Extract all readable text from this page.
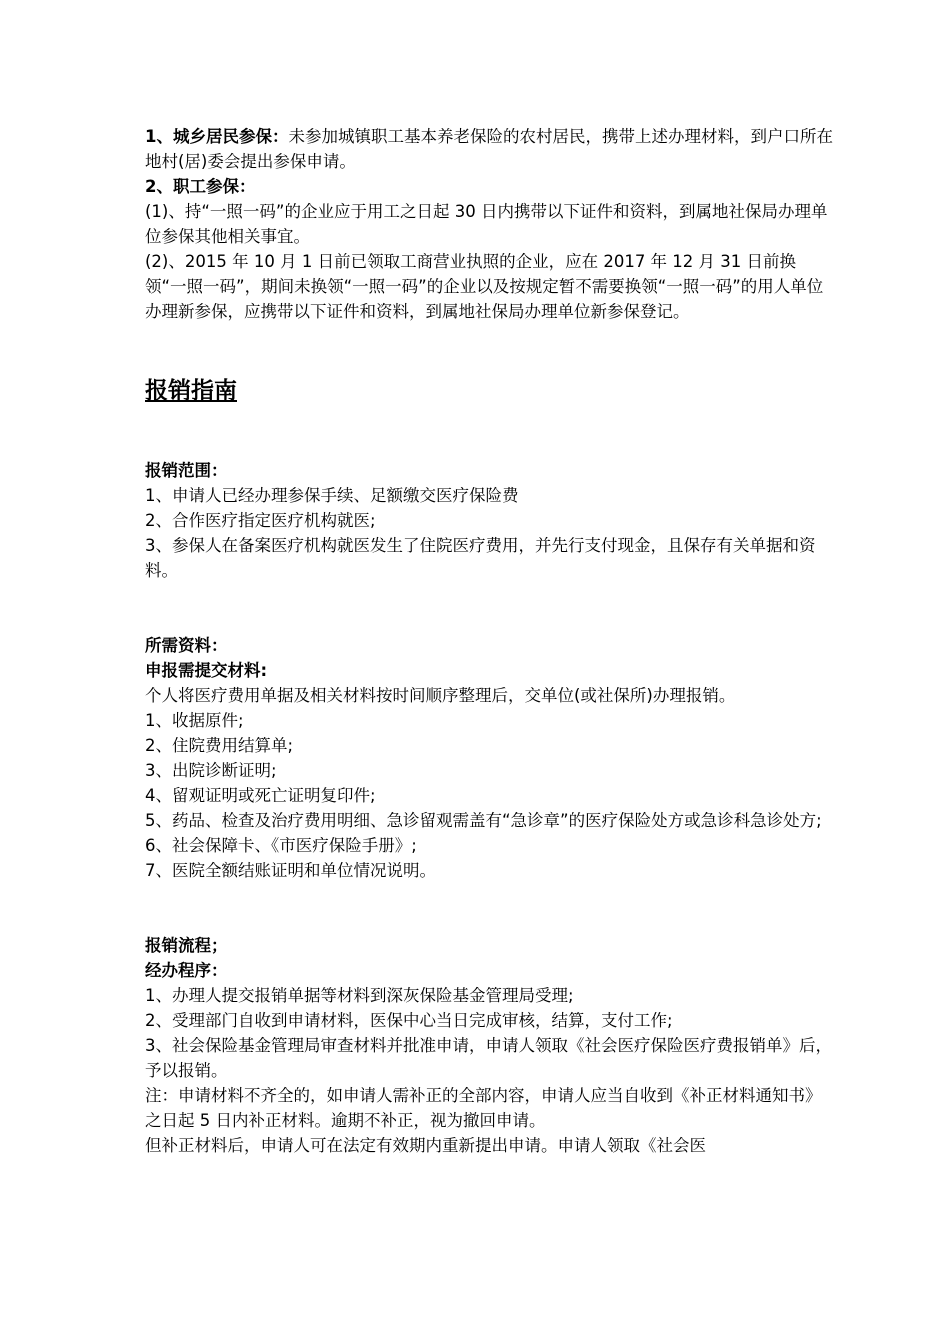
1、城乡居民参保：未参加城镇职工基本养老保险的农村居民，携带上述办理材料，到户口所在地村(居)委会提出参保申请。

2、职工参保：

(1)、持“一照一码”的企业应于用工之日起 30 日内携带以下证件和资料，到属地社保局办理单位参保其他相关事宜。

(2)、2015 年 10 月 1 日前已领取工商营业执照的企业，应在 2017 年 12 月 31 日前换领“一照一码”，期间未换领“一照一码”的企业以及按规定暂不需要换领“一照一码”的用人单位办理新参保，应携带以下证件和资料，到属地社保局办理单位新参保登记。

报销指南

报销范围：

1、申请人已经办理参保手续、足额缴交医疗保险费

2、合作医疗指定医疗机构就医;

3、参保人在备案医疗机构就医发生了住院医疗费用，并先行支付现金，且保存有关单据和资料。

所需资料：

申报需提交材料:

个人将医疗费用单据及相关材料按时间顺序整理后，交单位(或社保所)办理报销。

1、收据原件;

2、住院费用结算单;

3、出院诊断证明;

4、留观证明或死亡证明复印件;

5、药品、检查及治疗费用明细、急诊留观需盖有“急诊章”的医疗保险处方或急诊科急诊处方;

6、社会保障卡、《市医疗保险手册》;

7、医院全额结账证明和单位情况说明。

报销流程；

经办程序：

1、办理人提交报销单据等材料到深灰保险基金管理局受理;

2、受理部门自收到申请材料，医保中心当日完成审核，结算，支付工作;

3、社会保险基金管理局审查材料并批准申请，申请人领取《社会医疗保险医疗费报销单》后，予以报销。

注：申请材料不齐全的，如申请人需补正的全部内容，申请人应当自收到《补正材料通知书》之日起 5 日内补正材料。逾期不补正，视为撤回申请。

但补正材料后，申请人可在法定有效期内重新提出申请。申请人领取《社会医
